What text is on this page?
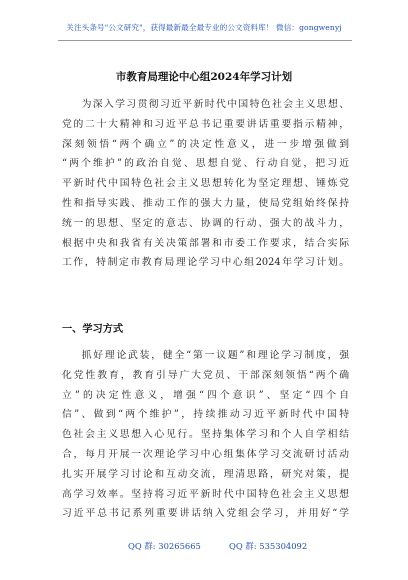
关注头条号"公文研究"，获得最新最全最专业的公文资料库！ 微信：gongwenyj
市教育局理论中心组2024年学习计划

为深入学习贯彻习近平新时代中国特色社会主义思想、
党的二十大精神和习近平总书记重要讲话重要指示精神，
深刻领悟“两个确立”的决定性意义，进一步增强做到
“两个维护”的政治自觉、思想自觉、行动自觉，把习近
平新时代中国特色社会主义思想转化为坚定理想、锤炼党
性和指导实践、推动工作的强大力量，使局党组始终保持
统一的思想、坚定的意志、协调的行动、强大的战斗力，
根据中央和我省有关决策部署和市委工作要求，结合实际
工作，特制定市教育局理论学习中心组2024年学习计划。

一、学习方式

抓好理论武装，健全“第一议题”和理论学习制度，强
化党性教育，教育引导广大党员、干部深刻领悟“两个确
立”的决定性意义，增强“四个意识”、坚定“四个自
信”、做到“两个维护”，持续推动习近平新时代中国特
色社会主义思想入心见行。坚持集体学习和个人自学相结
合，每月开展一次理论学习中心组集体学习交流研讨活动
扎实开展学习讨论和互动交流，理清思路，研究对策，提
高学习效率。坚持将习近平新时代中国特色社会主义思想
习近平总书记系列重要讲话纳入党组会学习，并用好“学

QQ 群: 30265665	QQ 群: 535304092
